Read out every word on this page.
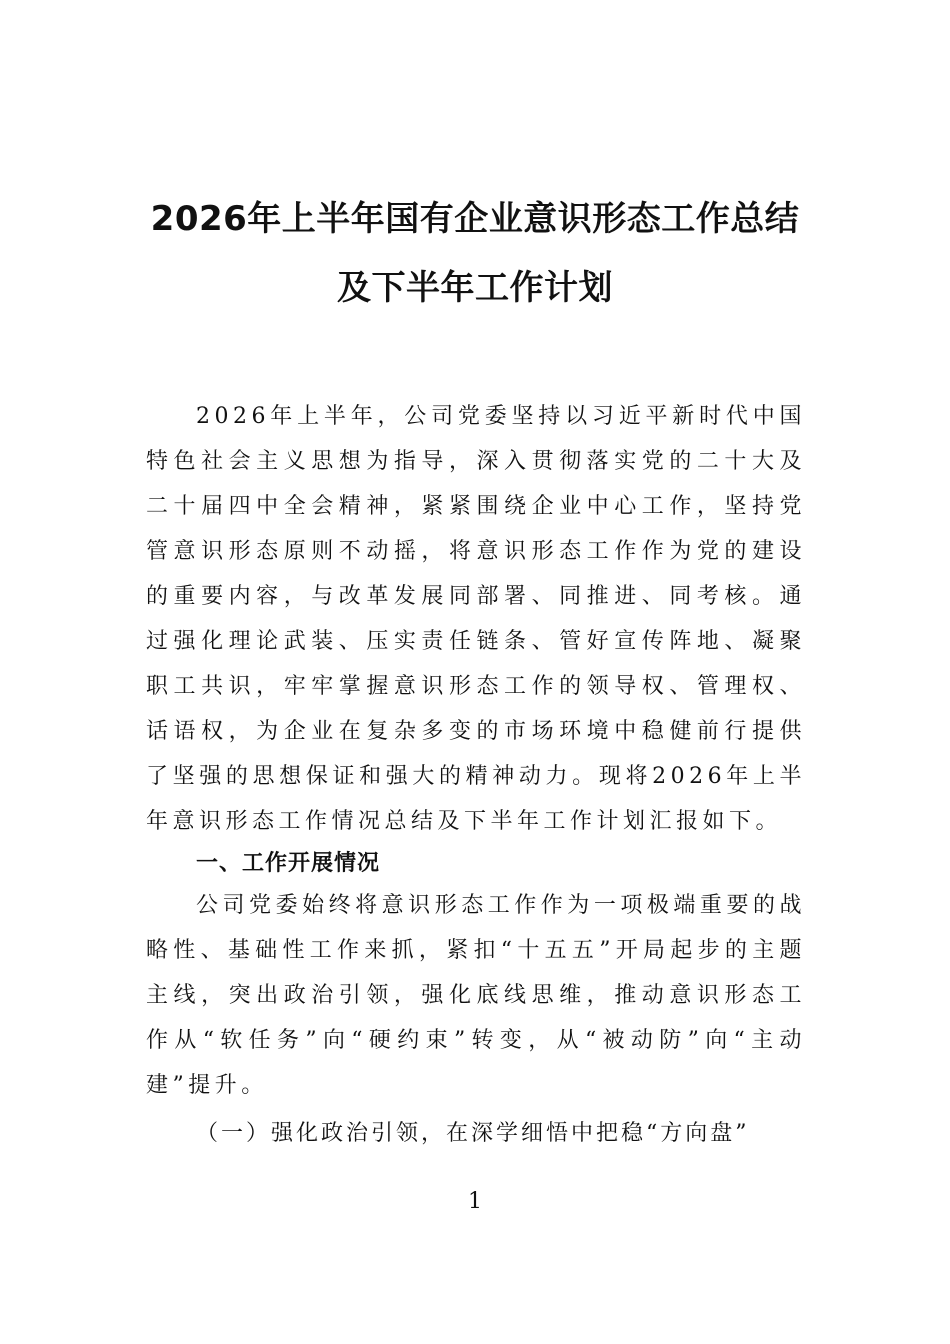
2026年上半年国有企业意识形态工作总结
及下半年工作计划

2026年上半年，公司党委坚持以习近平新时代中国特色社会主义思想为指导，深入贯彻落实党的二十大及二十届四中全会精神，紧紧围绕企业中心工作，坚持党管意识形态原则不动摇，将意识形态工作作为党的建设的重要内容，与改革发展同部署、同推进、同考核。通过强化理论武装、压实责任链条、管好宣传阵地、凝聚职工共识，牢牢掌握意识形态工作的领导权、管理权、话语权，为企业在复杂多变的市场环境中稳健前行提供了坚强的思想保证和强大的精神动力。现将2026年上半年意识形态工作情况总结及下半年工作计划汇报如下。

一、工作开展情况

公司党委始终将意识形态工作作为一项极端重要的战略性、基础性工作来抓，紧扣“十五五”开局起步的主题主线，突出政治引领，强化底线思维，推动意识形态工作从“软任务”向“硬约束”转变，从“被动防”向“主动建”提升。

（一）强化政治引领，在深学细悟中把稳“方向盘”
1
